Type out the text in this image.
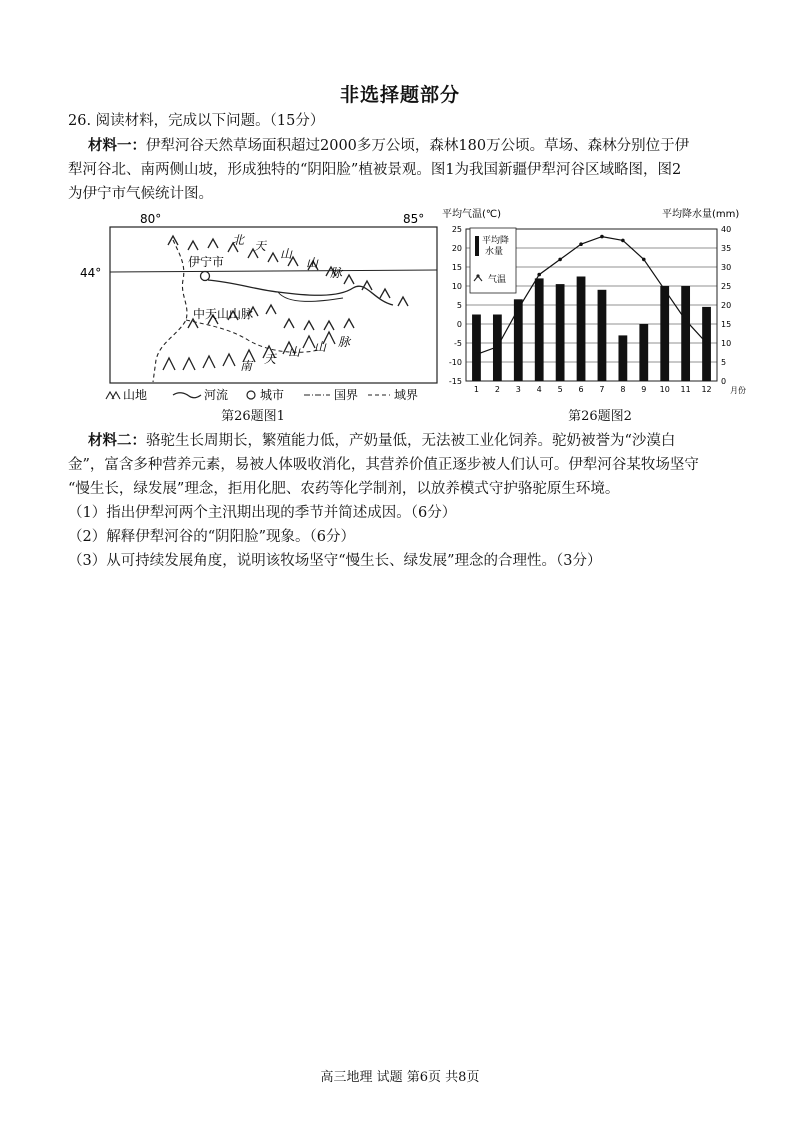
非选择题部分
26. 阅读材料，完成以下问题。（15分）
材料一：伊犁河谷天然草场面积超过2000多万公顷，森林180万公顷。草场、森林分别位于伊
犁河谷北、南两侧山坡，形成独特的“阴阳脸”植被景观。图1为我国新疆伊犁河谷区域略图，图2
为伊宁市气候统计图。
80°	85°
44°
伊宁市
北 天
山
山
脉
中天山山脉
南 天 山 山 脉
山地	河流	城市	国界	域界
第26题图1
平均气温(℃)	平均降水量(mm)
25
20
15
10
5
0
-5
-10
-15
40
35
30
25
20
15
10
5
0
1 2 3 4 5 6 7 8 9 10 11 12
平均降
水量
气温
月份
第26题图2
材料二：骆驼生长周期长，繁殖能力低，产奶量低，无法被工业化饲养。驼奶被誉为“沙漠白
金”，富含多种营养元素，易被人体吸收消化，其营养价值正逐步被人们认可。伊犁河谷某牧场坚守
“慢生长，绿发展”理念，拒用化肥、农药等化学制剂，以放养模式守护骆驼原生环境。
（1）指出伊犁河两个主汛期出现的季节并简述成因。（6分）
（2）解释伊犁河谷的“阴阳脸”现象。（6分）
（3）从可持续发展角度，说明该牧场坚守“慢生长、绿发展”理念的合理性。（3分）
高三地理 试题 第6页 共8页
